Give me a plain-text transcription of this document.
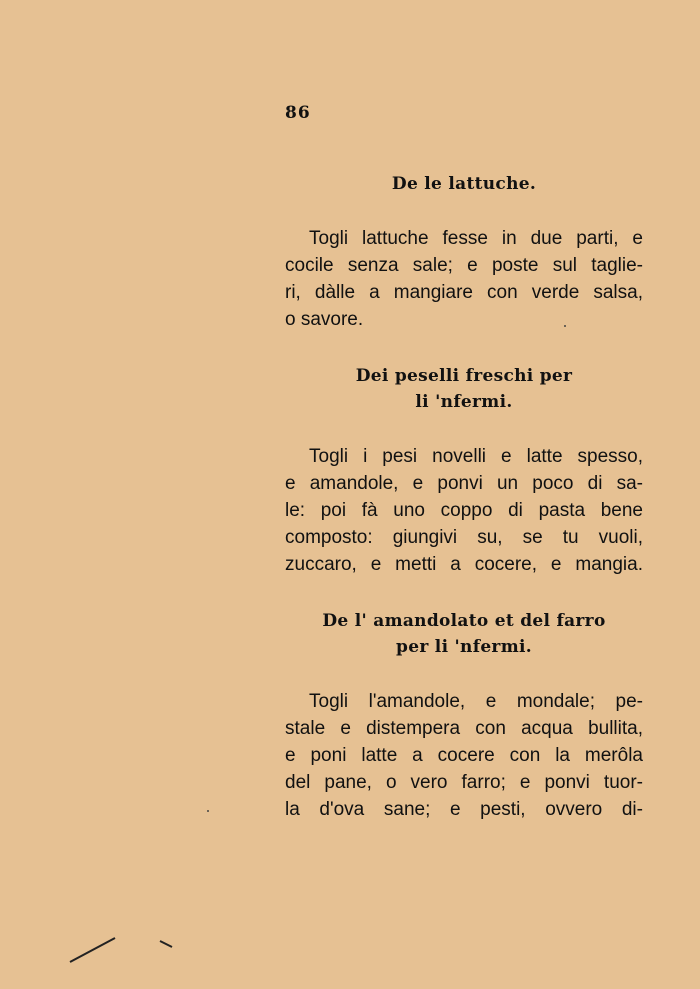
86
De le lattuche.
Togli lattuche fesse in due parti, e
cocile senza sale; e poste sul taglie-
ri, dàlle a mangiare con verde salsa,
o savore.
Dei peselli freschi per
li 'nfermi.
Togli i pesi novelli e latte spesso,
e amandole, e ponvi un poco di sa-
le: poi fà uno coppo di pasta bene
composto: giungivi su, se tu vuoli,
zuccaro, e metti a cocere, e mangia.
De l' amandolato et del farro
per li 'nfermi.
Togli l'amandole, e mondale; pe-
stale e distempera con acqua bullita,
e poni latte a cocere con la merôla
del pane, o vero farro; e ponvi tuor-
la d'ova sane; e pesti, ovvero di-
